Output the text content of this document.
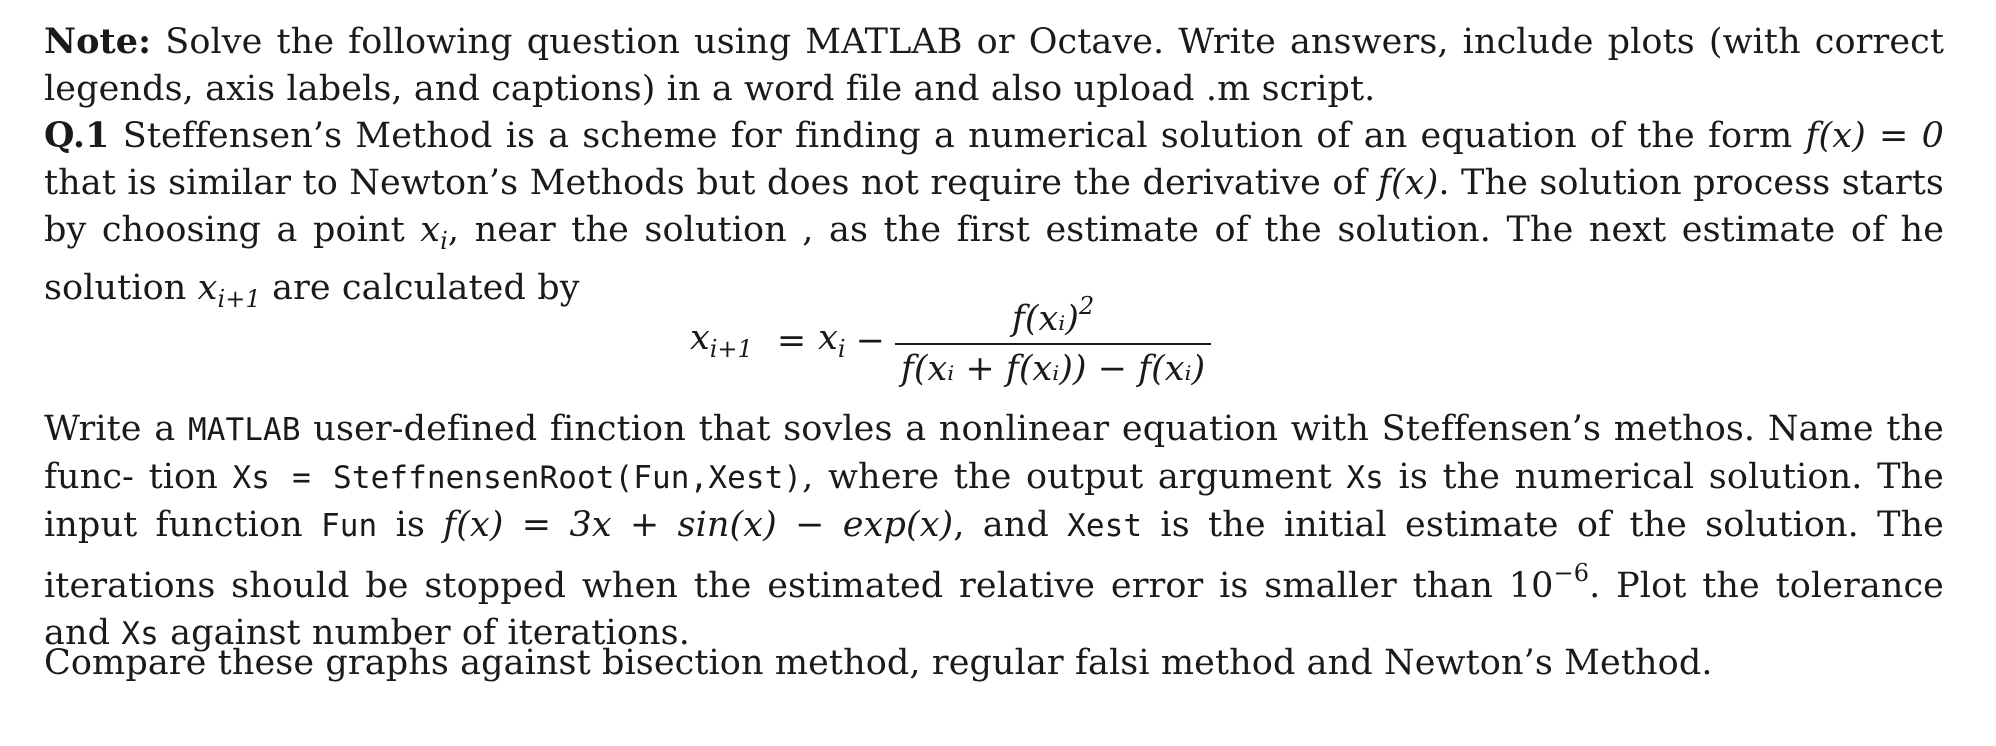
Note: Solve the following question using MATLAB or Octave. Write answers, include plots (with correct legends, axis labels, and captions) in a word file and also upload .m script.
Q.1 Steffensen’s Method is a scheme for finding a numerical solution of an equation of the form f(x) = 0 that is similar to Newton’s Methods but does not require the derivative of f(x). The solution process starts by choosing a point $x_i$, near the solution , as the first estimate of the solution. The next estimate of he solution $x_{i+1}$ are calculated by
$x_{i+1} = x_i - \frac{f(xᵢ)^2}{\text{f(xᵢ + f(xᵢ)) − f(xᵢ)}}$
Write a MATLAB user-defined finction that sovles a nonlinear equation with Steffensen’s methos. Name the func- tion Xs = SteffnensenRoot(Fun,Xest), where the output argument Xs is the numerical solution. The input function Fun is f(x) = 3x + sin(x) − exp(x), and Xest is the initial estimate of the solution. The iterations should be stopped when the estimated relative error is smaller than $10^{-6}$. Plot the tolerance and Xs against number of iterations.
Compare these graphs against bisection method, regular falsi method and Newton’s Method.
